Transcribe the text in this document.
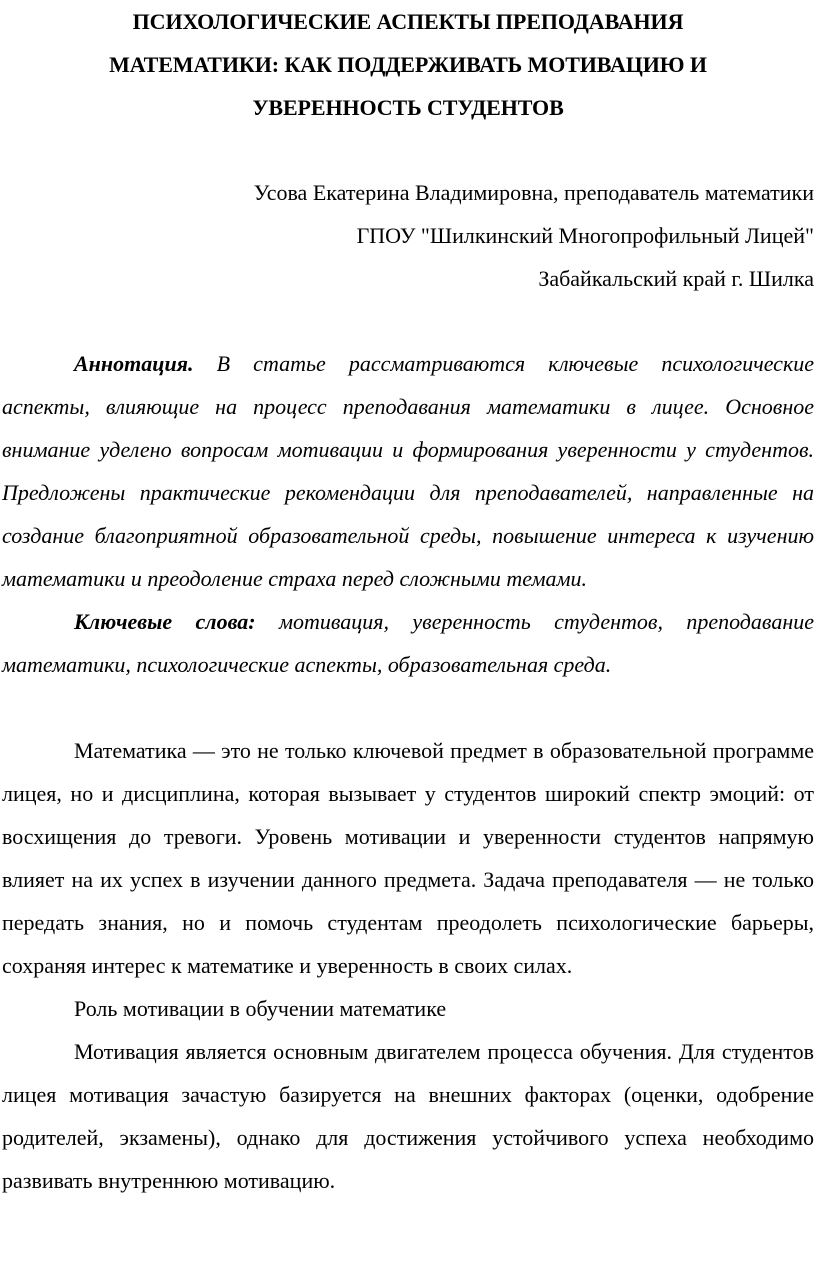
ПСИХОЛОГИЧЕСКИЕ АСПЕКТЫ ПРЕПОДАВАНИЯ
МАТЕМАТИКИ: КАК ПОДДЕРЖИВАТЬ МОТИВАЦИЮ И
УВЕРЕННОСТЬ СТУДЕНТОВ
Усова Екатерина Владимировна, преподаватель математики
ГПОУ "Шилкинский Многопрофильный Лицей"
Забайкальский край г. Шилка

Аннотация. В статье рассматриваются ключевые психологические аспекты, влияющие на процесс преподавания математики в лицее. Основное внимание уделено вопросам мотивации и формирования уверенности у студентов. Предложены практические рекомендации для преподавателей, направленные на создание благоприятной образовательной среды, повышение интереса к изучению математики и преодоление страха перед сложными темами.

Ключевые слова: мотивация, уверенность студентов, преподавание математики, психологические аспекты, образовательная среда.

Математика — это не только ключевой предмет в образовательной программе лицея, но и дисциплина, которая вызывает у студентов широкий спектр эмоций: от восхищения до тревоги. Уровень мотивации и уверенности студентов напрямую влияет на их успех в изучении данного предмета. Задача преподавателя — не только передать знания, но и помочь студентам преодолеть психологические барьеры, сохраняя интерес к математике и уверенность в своих силах.

Роль мотивации в обучении математике

Мотивация является основным двигателем процесса обучения. Для студентов лицея мотивация зачастую базируется на внешних факторах (оценки, одобрение родителей, экзамены), однако для достижения устойчивого успеха необходимо развивать внутреннюю мотивацию.
